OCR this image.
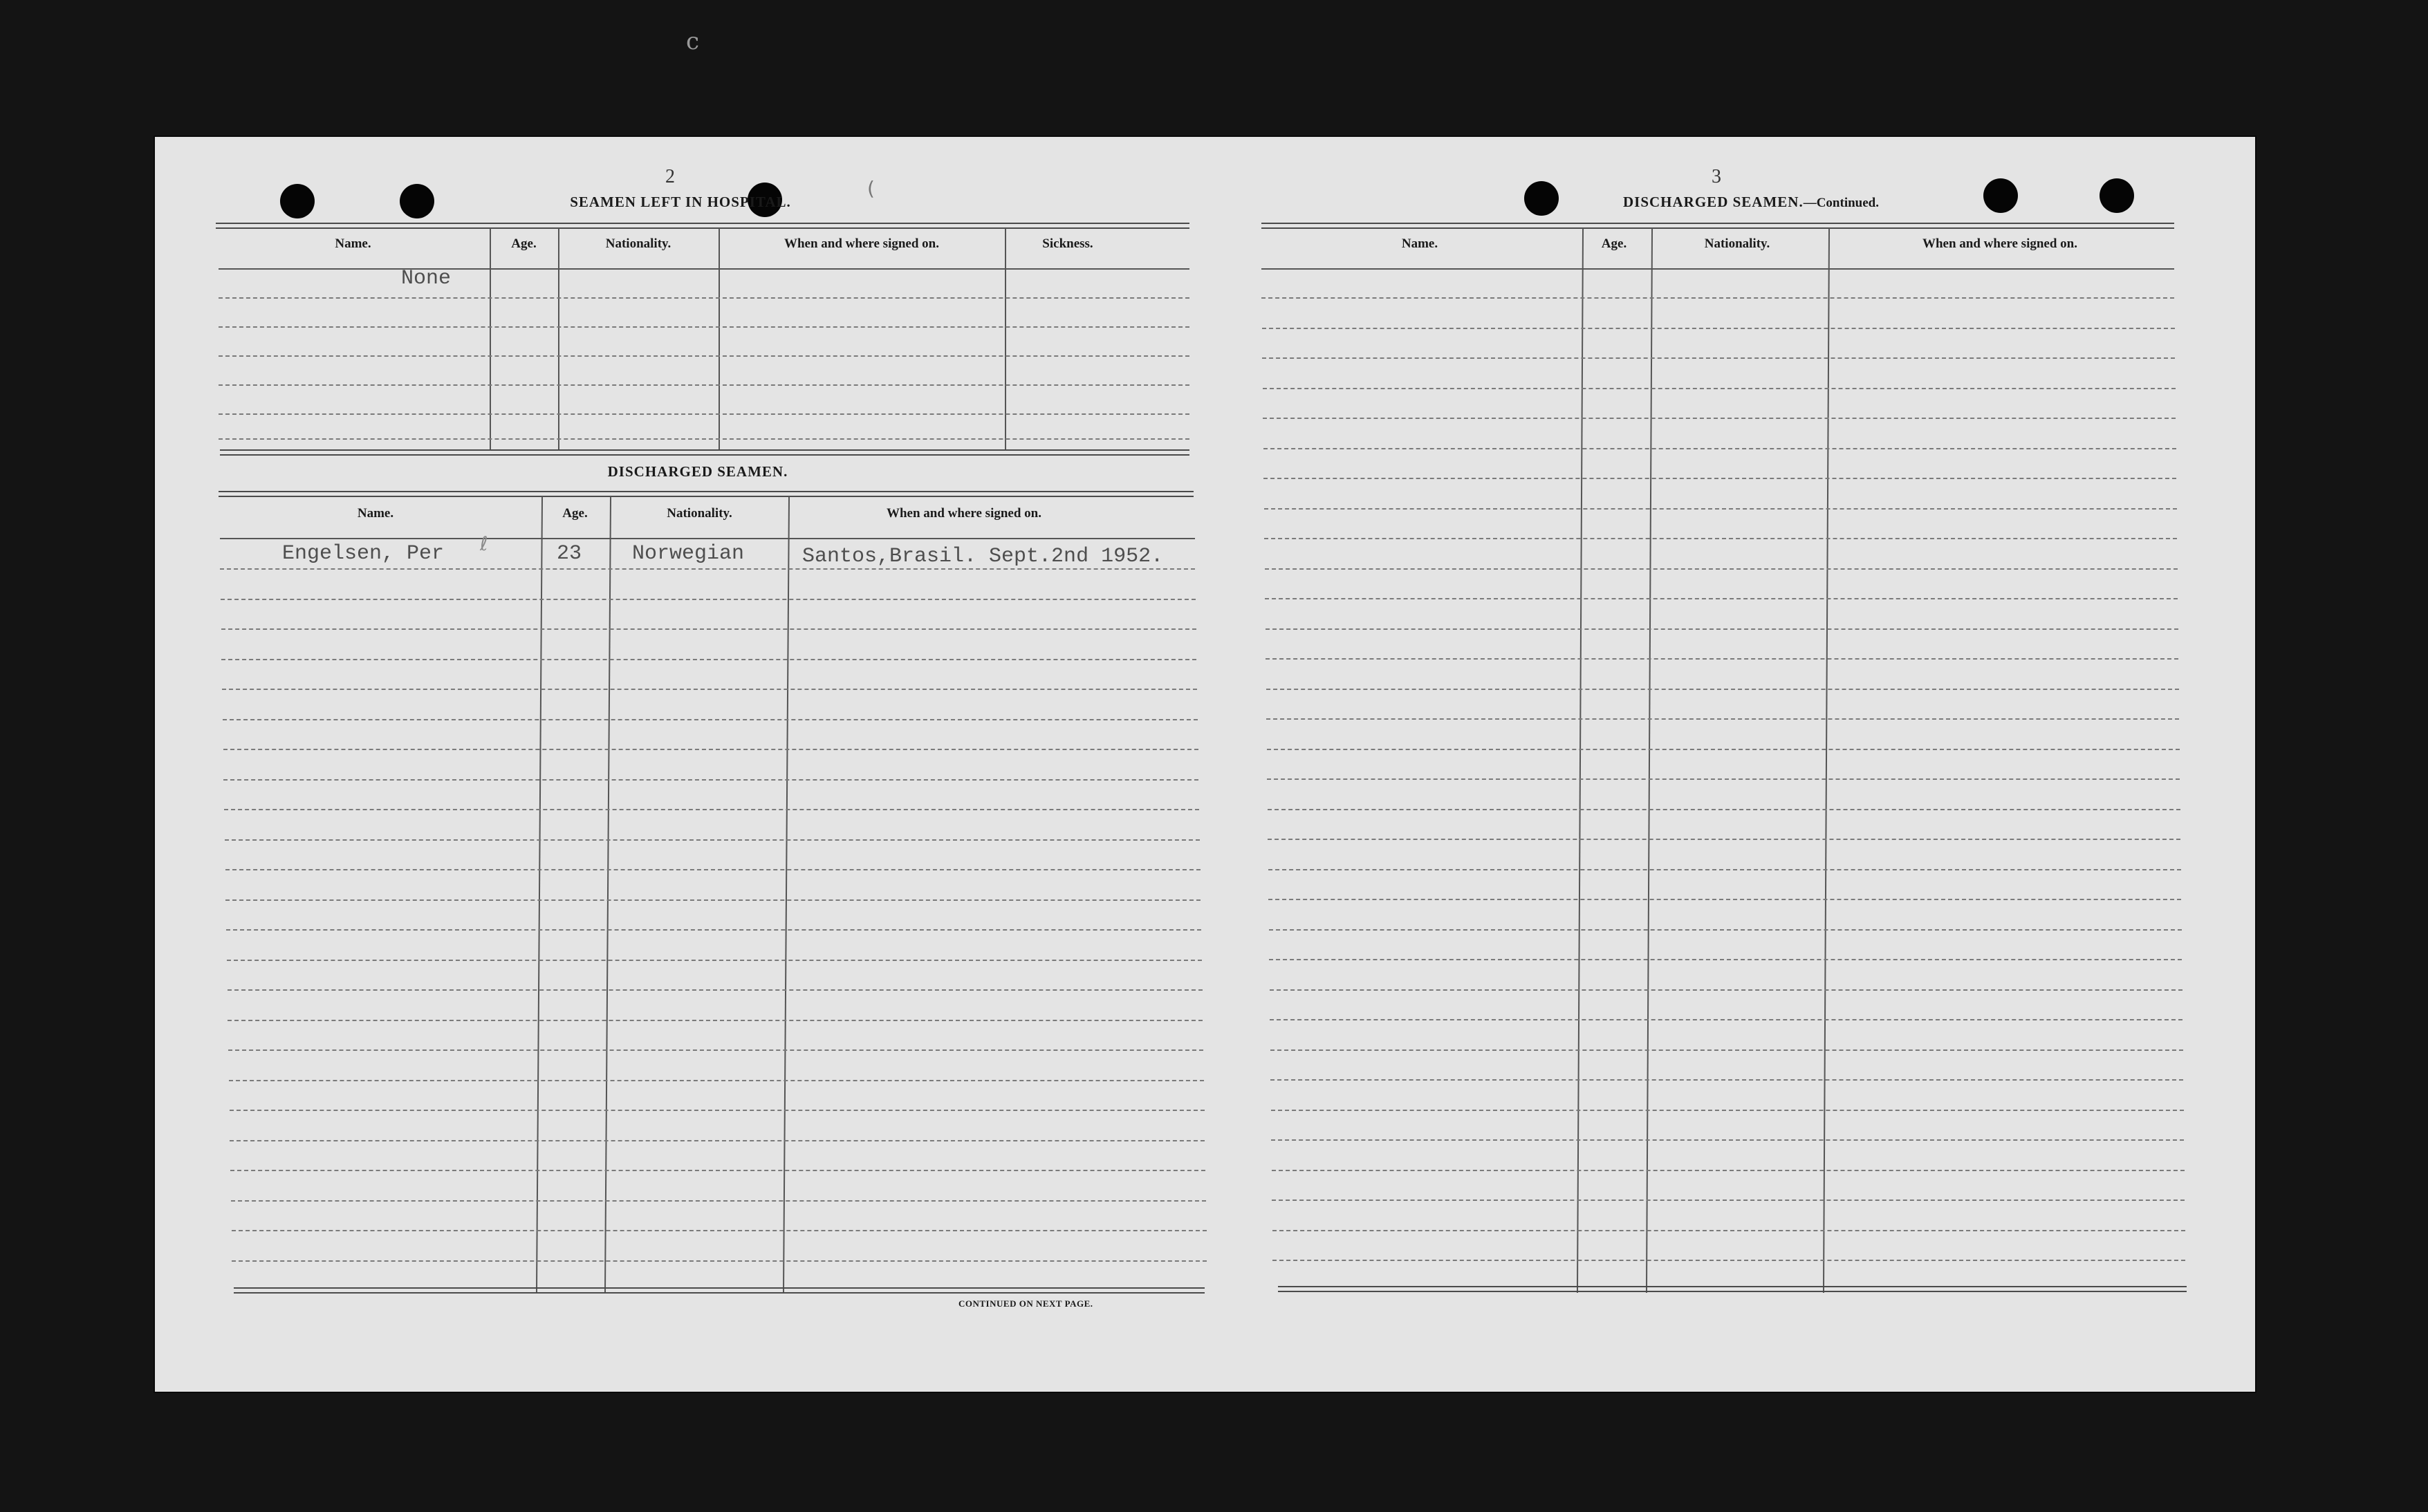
c
(
2
SEAMEN LEFT IN HOSPITAL.
Name.	Age.	Nationality.	When and where signed on.	Sickness.
None
DISCHARGED SEAMEN.
Name.	Age.	Nationality.	When and where signed on.
Engelsen, Per ℓ	23 Norwegian	Santos,Brasil. Sept.2nd 1952.
CONTINUED ON NEXT PAGE.
3
DISCHARGED SEAMEN.—Continued.
Name.	Age.	Nationality.	When and where signed on.
